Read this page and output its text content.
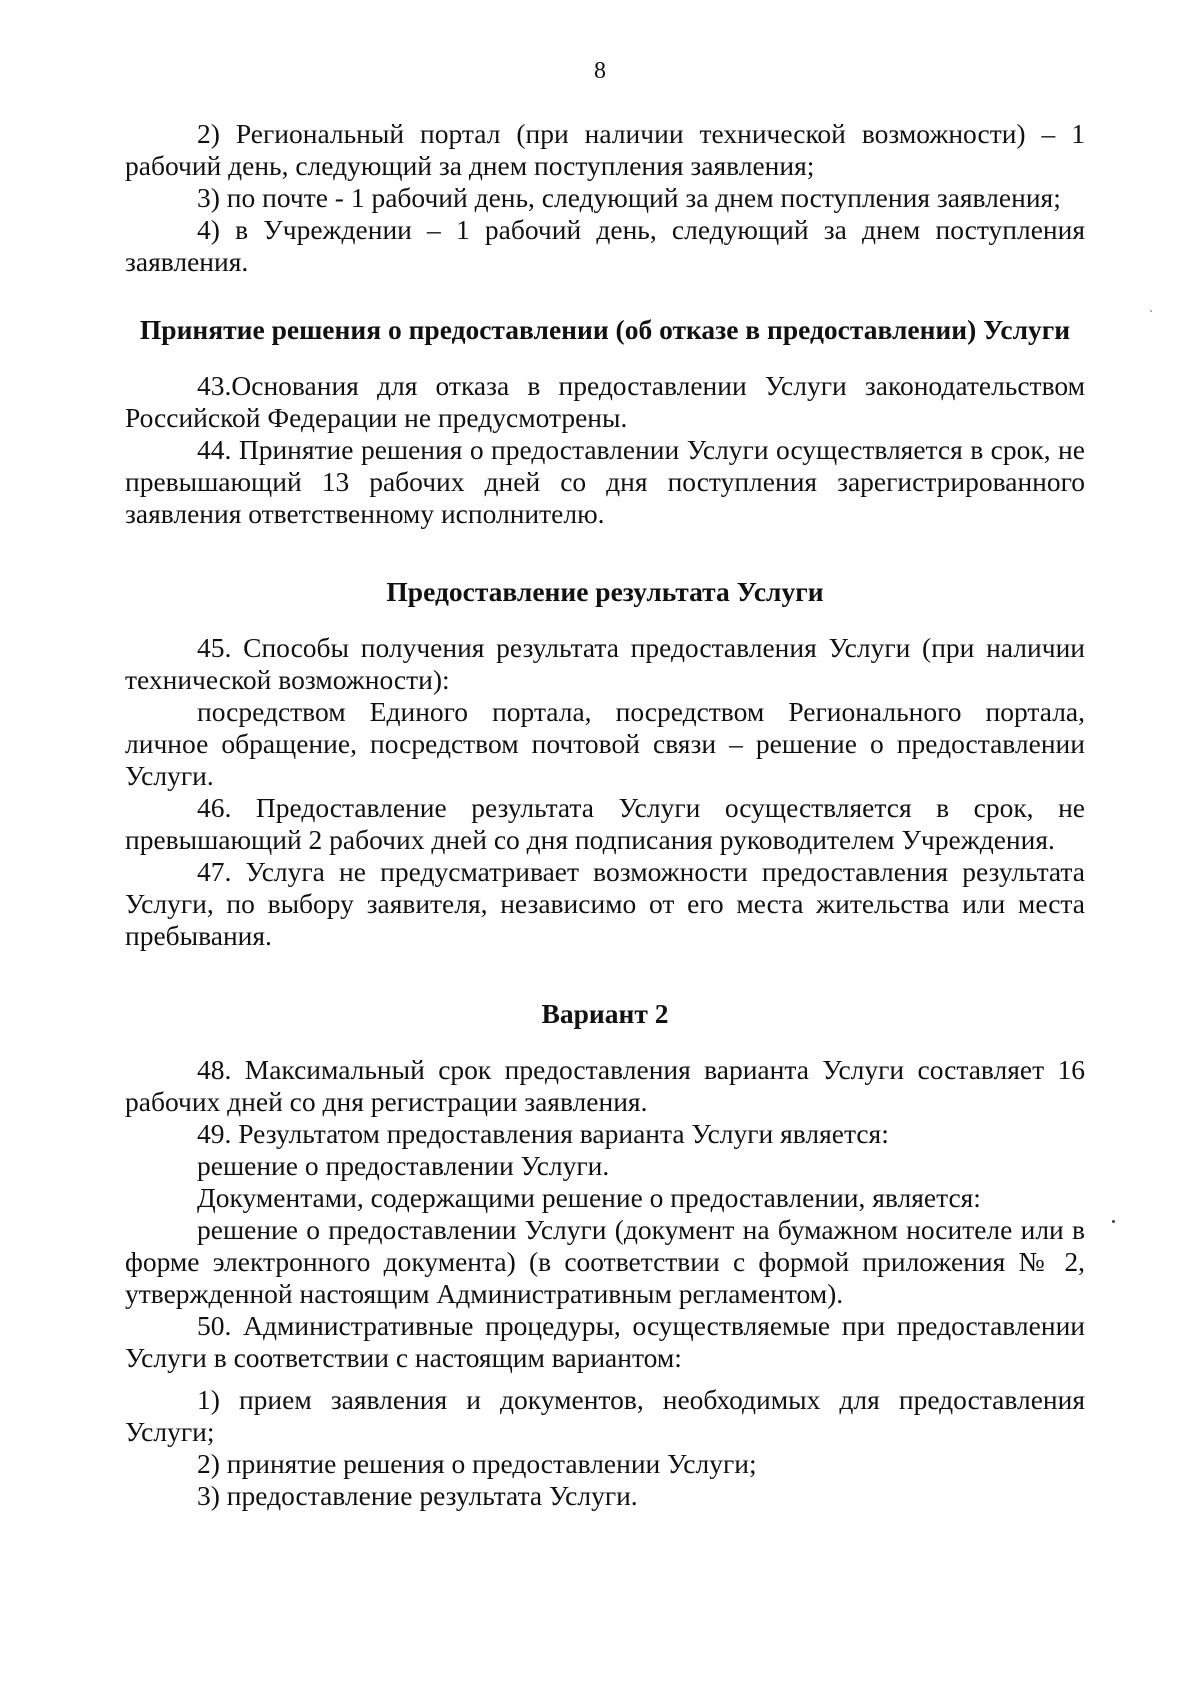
8

2) Региональный портал (при наличии технической возможности) – 1 рабочий день, следующий за днем поступления заявления;

3) по почте - 1 рабочий день, следующий за днем поступления заявления;

4) в Учреждении – 1 рабочий день, следующий за днем поступления заявления.

Принятие решения о предоставлении (об отказе в предоставлении) Услуги

43.Основания для отказа в предоставлении Услуги законодательством Российской Федерации не предусмотрены.

44. Принятие решения о предоставлении Услуги осуществляется в срок, не превышающий 13 рабочих дней со дня поступления зарегистрированного заявления ответственному исполнителю.

Предоставление результата Услуги

45. Способы получения результата предоставления Услуги (при наличии технической возможности):

посредством Единого портала, посредством Регионального портала, личное обращение, посредством почтовой связи – решение о предоставлении Услуги.

46. Предоставление результата Услуги осуществляется в срок, не превышающий 2 рабочих дней со дня подписания руководителем Учреждения.

47. Услуга не предусматривает возможности предоставления результата Услуги, по выбору заявителя, независимо от его места жительства или места пребывания.

Вариант 2

48. Максимальный срок предоставления варианта Услуги составляет 16 рабочих дней со дня регистрации заявления.

49. Результатом предоставления варианта Услуги является:

решение о предоставлении Услуги.

Документами, содержащими решение о предоставлении, является:

решение о предоставлении Услуги (документ на бумажном носителе или в форме электронного документа) (в соответствии с формой приложения № 2, утвержденной настоящим Административным регламентом).

50. Административные процедуры, осуществляемые при предоставлении Услуги в соответствии с настоящим вариантом:

1) прием заявления и документов, необходимых для предоставления Услуги;

2) принятие решения о предоставлении Услуги;

3) предоставление результата Услуги.
